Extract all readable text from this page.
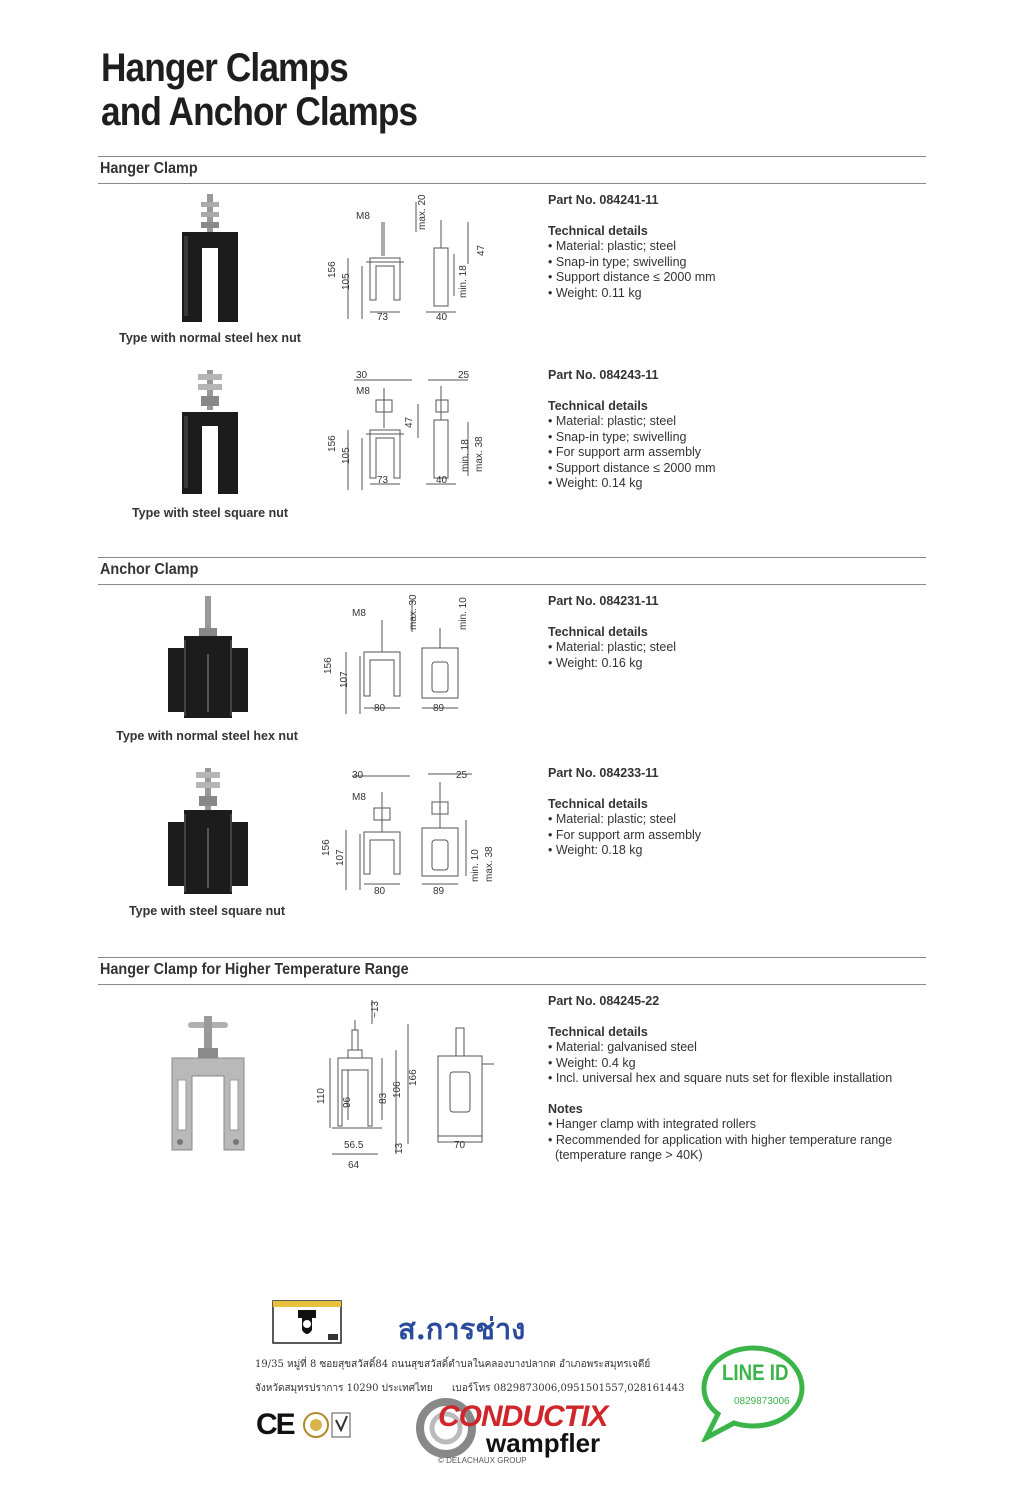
Hanger Clamps
and Anchor Clamps
Hanger Clamp
Anchor Clamp
Hanger Clamp for Higher Temperature Range
Type with normal steel hex nut
M8	max. 20
156
105
73	40
min. 18
47
Part No. 084241-11
Technical details
• Material: plastic; steel
• Snap-in type; swivelling
• Support distance ≤ 2000 mm
• Weight: 0.11 kg
Type with steel square nut
30
M8
156
105
73	40
47
25
min. 18 max. 38
Part No. 084243-11
Technical details
• Material: plastic; steel
• Snap-in type; swivelling
• For support arm assembly
• Support distance ≤ 2000 mm
• Weight: 0.14 kg
Type with normal steel hex nut
M8	max. 30
156
107
80	89
min. 10	Part No. 084231-11
Technical details
• Material: plastic; steel
• Weight: 0.16 kg
Type with steel square nut
30
M8
156
107
80	89
25
min. 10 max. 38
Part No. 084233-11
Technical details
• Material: plastic; steel
• For support arm assembly
• Weight: 0.18 kg
~13
110 96	83
106
166
56.5
64
13	70
Part No. 084245-22
Technical details
• Material: galvanised steel
• Weight: 0.4 kg
• Incl. universal hex and square nuts set for flexible installation
Notes
• Hanger clamp with integrated rollers
• Recommended for application with higher temperature range
(temperature range > 40K)
ส.การช่าง
19/35 หมู่ที่ 8 ซอยสุขสวัสดิ์84 ถนนสุขสวัสดิ์ตำบลในคลองบางปลากด อำเภอพระสมุทรเจดีย์
จังหวัดสมุทรปราการ 10290 ประเทศไทย เบอร์โทร 0829873006,0951501557,028161443
CE	CONDUCTIX
wampfler
© DELACHAUX GROUP
LINE ID
0829873006
